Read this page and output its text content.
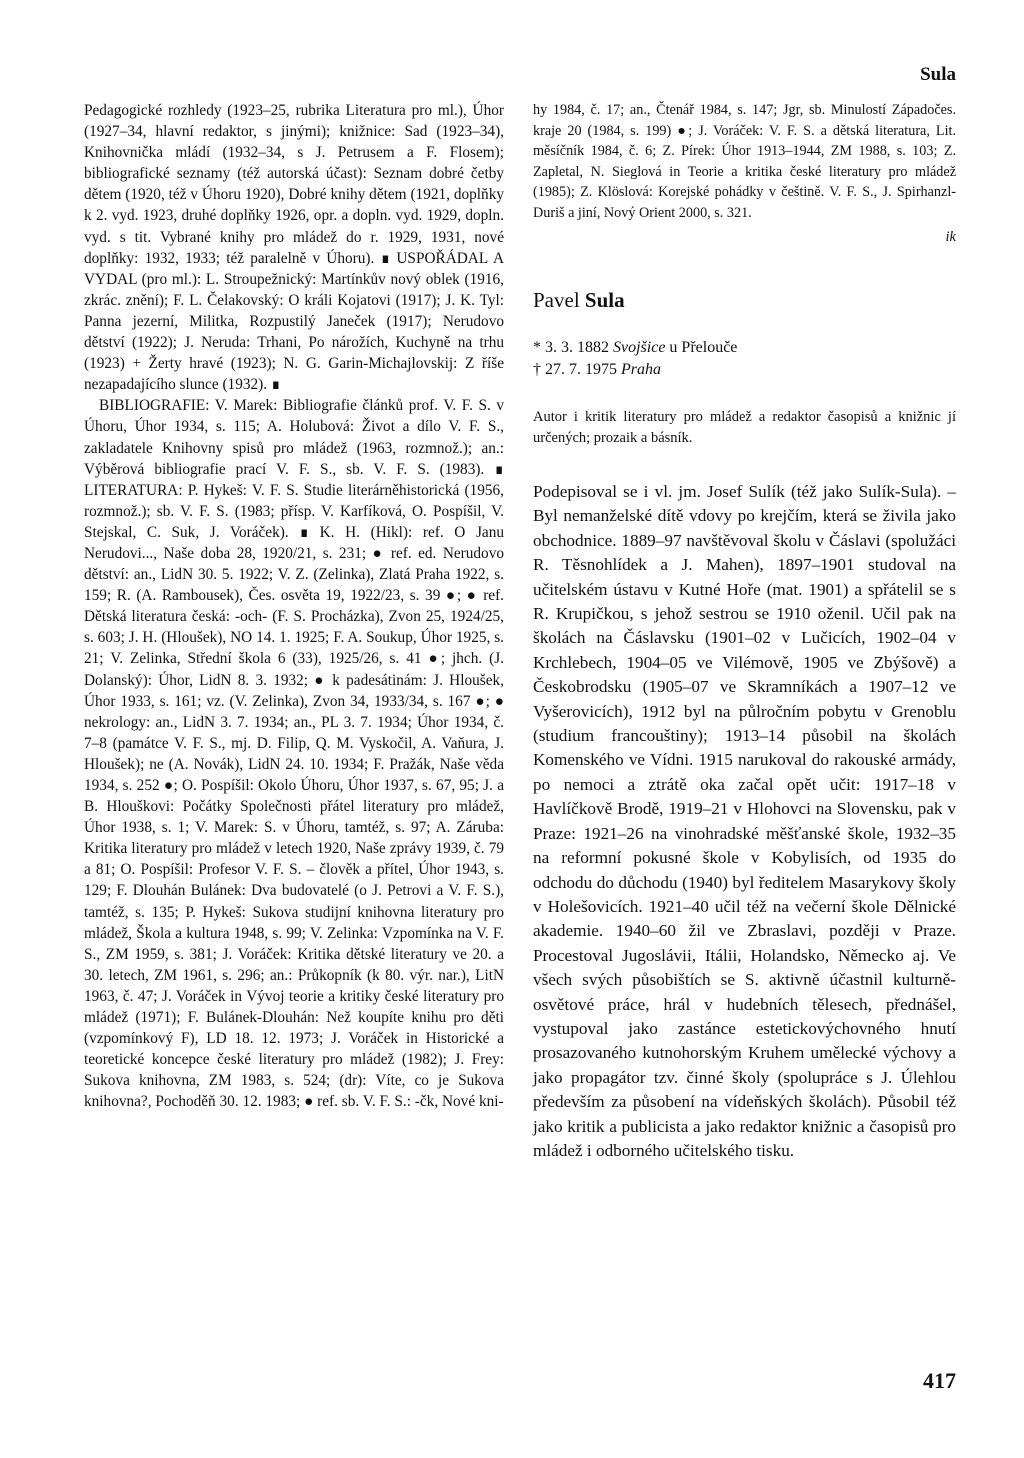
Sula

Pedagogické rozhledy (1923–25, rubrika Literatura pro ml.), Úhor (1927–34, hlavní redaktor, s jinými); knižnice: Sad (1923–34), Knihovnička mládí (1932–34, s J. Petrusem a F. Flosem); bibliografické seznamy (též autorská účast): Seznam dobré četby dětem (1920, též v Úhoru 1920), Dobré knihy dětem (1921, doplňky k 2. vyd. 1923, druhé doplňky 1926, opr. a dopln. vyd. 1929, dopln. vyd. s tit. Vybrané knihy pro mládež do r. 1929, 1931, nové doplňky: 1932, 1933; též paralelně v Úhoru). ∎ USPOŘÁDAL A VYDAL (pro ml.): L. Stroupežnický: Martínkův nový oblek (1916, zkrác. znění); F. L. Čelakovský: O králi Kojatovi (1917); J. K. Tyl: Panna jezerní, Militka, Rozpustilý Janeček (1917); Nerudovo dětství (1922); J. Neruda: Trhani, Po nárožích, Kuchyně na trhu (1923) + Žerty hravé (1923); N. G. Garin-Michajlovskij: Z říše nezapadajícího slunce (1932). ∎

BIBLIOGRAFIE: V. Marek: Bibliografie článků prof. V. F. S. v Úhoru, Úhor 1934, s. 115; A. Holubová: Život a dílo V. F. S., zakladatele Knihovny spisů pro mládež (1963, rozmnož.); an.: Výběrová bibliografie prací V. F. S., sb. V. F. S. (1983). ∎ LITERATURA: P. Hykeš: V. F. S. Studie literárněhistorická (1956, rozmnož.); sb. V. F. S. (1983; přísp. V. Karfíková, O. Pospíšil, V. Stejskal, C. Suk, J. Voráček). ∎ K. H. (Hikl): ref. O Janu Nerudovi..., Naše doba 28, 1920/21, s. 231; ● ref. ed. Nerudovo dětství: an., LidN 30. 5. 1922; V. Z. (Zelinka), Zlatá Praha 1922, s. 159; R. (A. Rambousek), Čes. osvěta 19, 1922/23, s. 39 ●; ● ref. Dětská literatura česká: -och- (F. S. Procházka), Zvon 25, 1924/25, s. 603; J. H. (Hloušek), NO 14. 1. 1925; F. A. Soukup, Úhor 1925, s. 21; V. Zelinka, Střední škola 6 (33), 1925/26, s. 41 ●; jhch. (J. Dolanský): Úhor, LidN 8. 3. 1932; ● k padesátinám: J. Hloušek, Úhor 1933, s. 161; vz. (V. Zelinka), Zvon 34, 1933/34, s. 167 ●; ● nekrology: an., LidN 3. 7. 1934; an., PL 3. 7. 1934; Úhor 1934, č. 7–8 (památce V. F. S., mj. D. Filip, Q. M. Vyskočil, A. Vaňura, J. Hloušek); ne (A. Novák), LidN 24. 10. 1934; F. Pražák, Naše věda 1934, s. 252 ●; O. Pospíšil: Okolo Úhoru, Úhor 1937, s. 67, 95; J. a B. Hlouškovi: Počátky Společnosti přátel literatury pro mládež, Úhor 1938, s. 1; V. Marek: S. v Úhoru, tamtéž, s. 97; A. Záruba: Kritika literatury pro mládež v letech 1920, Naše zprávy 1939, č. 79 a 81; O. Pospíšil: Profesor V. F. S. – člověk a přítel, Úhor 1943, s. 129; F. Dlouhán Bulánek: Dva budovatelé (o J. Petrovi a V. F. S.), tamtéž, s. 135; P. Hykeš: Sukova studijní knihovna literatury pro mládež, Škola a kultura 1948, s. 99; V. Zelinka: Vzpomínka na V. F. S., ZM 1959, s. 381; J. Voráček: Kritika dětské literatury ve 20. a 30. letech, ZM 1961, s. 296; an.: Průkopník (k 80. výr. nar.), LitN 1963, č. 47; J. Voráček in Vývoj teorie a kritiky české literatury pro mládež (1971); F. Bulánek-Dlouhán: Než koupíte knihu pro děti (vzpomínkový F), LD 18. 12. 1973; J. Voráček in Historické a teoretické koncepce české literatury pro mládež (1982); J. Frey: Sukova knihovna, ZM 1983, s. 524; (dr): Víte, co je Sukova knihovna?, Pochoděň 30. 12. 1983; ● ref. sb. V. F. S.: -čk, Nové kni-

hy 1984, č. 17; an., Čtenář 1984, s. 147; Jgr, sb. Minulostí Západočes. kraje 20 (1984, s. 199) ●; J. Voráček: V. F. S. a dětská literatura, Lit. měsíčník 1984, č. 6; Z. Pírek: Úhor 1913–1944, ZM 1988, s. 103; Z. Zapletal, N. Sieglová in Teorie a kritika české literatury pro mládež (1985); Z. Klöslová: Korejské pohádky v češtině. V. F. S., J. Spirhanzl-Duriš a jiní, Nový Orient 2000, s. 321.

ik

Pavel Sula
* 3. 3. 1882 Svojšice u Přelouče
† 27. 7. 1975 Praha

Autor i kritik literatury pro mládež a redaktor časopisů a knižnic jí určených; prozaik a básník.

Podepisoval se i vl. jm. Josef Sulík (též jako Sulík-Sula). – Byl nemanželské dítě vdovy po krejčím, která se živila jako obchodnice. 1889–97 navštěvoval školu v Čáslavi (spolužáci R. Těsnohlídek a J. Mahen), 1897–1901 studoval na učitelském ústavu v Kutné Hoře (mat. 1901) a spřátelil se s R. Krupičkou, s jehož sestrou se 1910 oženil. Učil pak na školách na Čáslavsku (1901–02 v Lučicích, 1902–04 v Krchlebech, 1904–05 ve Vilémově, 1905 ve Zbýšově) a Českobrodsku (1905–07 ve Skramníkách a 1907–12 ve Vyšerovicích), 1912 byl na půlročním pobytu v Grenoblu (studium francouštiny); 1913–14 působil na školách Komenského ve Vídni. 1915 narukoval do rakouské armády, po nemoci a ztrátě oka začal opět učit: 1917–18 v Havlíčkově Brodě, 1919–21 v Hlohovci na Slovensku, pak v Praze: 1921–26 na vinohradské měšťanské škole, 1932–35 na reformní pokusné škole v Kobylisích, od 1935 do odchodu do důchodu (1940) byl ředitelem Masarykovy školy v Holešovicích. 1921–40 učil též na večerní škole Dělnické akademie. 1940–60 žil ve Zbraslavi, později v Praze. Procestoval Jugoslávii, Itálii, Holandsko, Německo aj. Ve všech svých působištích se S. aktivně účastnil kulturně-osvětové práce, hrál v hudebních tělesech, přednášel, vystupoval jako zastánce estetickovýchovného hnutí prosazovaného kutnohorským Kruhem umělecké výchovy a jako propagátor tzv. činné školy (spolupráce s J. Úlehlou především za působení na vídeňských školách). Působil též jako kritik a publicista a jako redaktor knižnic a časopisů pro mládež i odborného učitelského tisku.

417
